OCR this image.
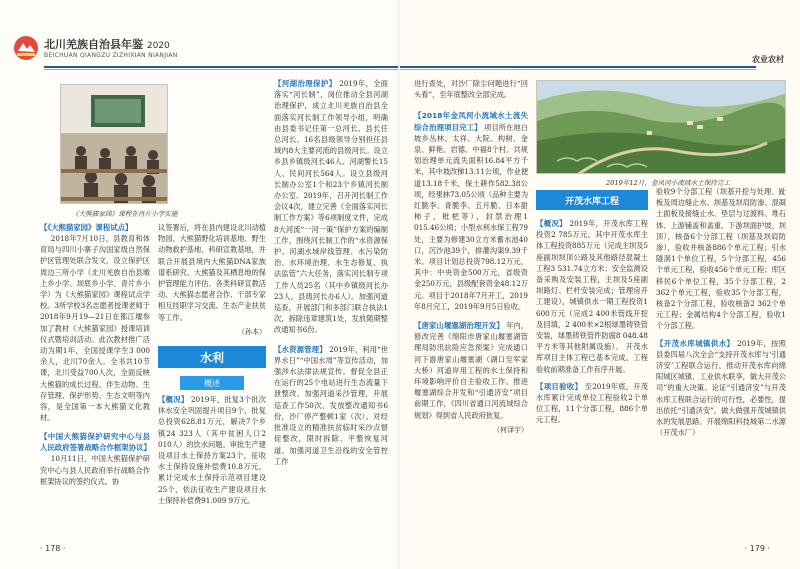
北川羌族自治县年鉴 2020
BEICHUAN QIANGZU ZIZHIXIAN NIANJIAN
《大熊猫家园》课程在肖片小学实施
【《大熊猫家园》课程试点】

2018年7月10日，县教育和体育局与四川小寨子沟国家级自然保护区管理处联合发文，设立保护区周边三所小学（北川羌族自治县墩上乡小学、坝底乡小学、青片乡小学）为《大熊猫家园》课程试点学校。3所学校3名志愿者授课老师于2018年9月19—21日在都江堰参加了教材《大熊猫家园》授课培训仪式暨培训活动。此次教材推广活动为期1年，全国授课学生3 000余人，北川70余人。全书共10节课，北川受益700人次，全面反映大熊猫的成长过程、伴生动物、生存管理、保护形势、生态文明等内容，是全国第一本大熊猫文化教材。

【中国大熊猫保护研究中心与县人民政府签署战略合作框架协议】

10月11日，中国大熊猫保护研究中心与县人民政府举行战略合作框架协议的签约仪式。协

议签署后，将在县内建设北川动植物园、大熊猫野化培训基地、野生动物救护基地、科研宣教基地，并联合开展县境内大熊猫DNA家族谱系研究、大熊猫及其栖息地的保护管理能力评估、各类科研宣教活动、大熊猫志愿者合作、干部专家相互挂职学习交流、生态产业扶贫等工作。

（孙本）
水利
概述
【概况】 2019年，批复3个批次休水安全巩固提升项目9个，批复总投资628.81万元，解决7个乡镇24 323人（其中贫困人口2 010人）的饮水问题。审批生产建设项目水土保持方案23个，征收水土保持设施补偿费10.8万元，累计完成水土保持示范项目建设25个，依法征收生产建设项目水土保持补偿费91.009 9万元。
【河湖治理保护】 2019年，全面落实“河长制”，岗位推动全县河湖治理保护，成立北川羌族自治县全面落实河长制工作领导小组，明确由县委书记任第一总河长、县长任总河长。16名县级领导分别担任县域内8大主要河流的县级河长。设立乡县乡镇级河长46人、河湖警长15人、民间河长564人。设立县级河长制办公室1个和23个乡镇河长制办公室。2019年，召开河长制工作会议4次，建立完善《全面落实河长制工作方案》等6项制度文件，完成8大河流“一河一策”保护方案的编制工作，围绕河长制工作的“水资源保护、河湖水域岸线管理、水污染防治、水环境治理、水生态修复、执法监管”六大任务，落实河长制专项工作人员25名（其中乡镇级河长办23人，县级河长办6人）。加强河道巡查，开展部门和多部门联合执法1次，拆除违章建筑1处，发放随期整改通知书6份。
【水资源管理】 2019年，利用“世界水日”“中国水周”等宣传活动，加强涉水法律法规宣传。督促全县正在运行的25个电站进行生态流量下泄整改。加强河道采沙管理，开展巡查工作50次，发放整改通知书6份，沙厂停产整顿1家（次）。对经批准设立的精准扶贫临时采沙点督促整改，限时拆除、平整恢复河道。加强河道卫生沿线的安全管控工作
· 178 ·
农业农村

进行查处，对沙厂除尘问题进行“回头看”，至年底整改全部完成。

【2018年金凤河小流域水土流失综合治理项目完工】 项目所在地白坡乡丛林、太祥、大院、构树、金泉、鲜艳、岩德、中福8个村。共规划治理单元流失面积16.84平方千米，其中坡改梯13.11公顷，作业便道13.18千米，保土耕作582.38公顷，经果林73.05公顷（品种主要为红脆李、青脆李、五月脆、日本甜柿子、枇杷等），封禁治理1 015.46公顷；小型水利水保工程79处，主要为修建30立方米蓄水池40口，沉沙池39个，排灌沟渠9.39千米。项目计划总投资798.12万元，其中：中央资金500万元，省级资金250万元，县级配套资金48.12万元。项目于2018年7月开工，2019年8月完工，2019年9月5日验收。
【唐家山堰塞湖治理开发】 年内，修改完善《绵阳市唐家山堰塞湖管理局防汛抗险应急预案》完成通口河下游唐家山堰塞湖（湖口至军家大桥）河道岸用工程的水土保持和环境影响评价自主验收工作。推进堰塞湖综合开发和“引通济安”项目前期工作，《四川省通口河流域综合规划》得到省人民政府批复。
（何泽宇）
2019年12月，金凤河小流域水土保持完工
开茂水库工程
【概况】 2019年，开茂水库工程投资2 785万元，其中开茂水库主体工程投资885万元（完成主坝及5座副坝坝顶公路及其他路径混凝土工程3 531.74立方米；安全监测设备采购及安装工程，主坝及5座副坝路灯、栏杆安装完成；管理房开工建设），城镇供水一期工程投资1 600万元（完成2 400米管线开挖及回填，2 400米×2根球墨铸铁管安装，球墨铸铁管件防腐8 048.48平方米等其他附属设施）。 开茂水库项目主体工程已基本完成，工程验收前期准备工作有序开展。
【项目验收】 至2019年底，开茂水库累计完成单位工程验收2个单位工程，11个分部工程，886个单元工程。

验收9个分部工程（坝基开挖与处理、趾板及周边缝止水、坝基及坝肩防渗、混凝土面板及接缝止水、垫层与过渡料、堆石体、上游铺盖和盖重、下游坝面护坡、坝顶），核备6个分部工程（坝基及坝肩防渗），验收并核备886个单元工程；引水隧洞1个单位工程，5个分部工程，456个单元工程，验收456个单元工程；库区移民6个单位工程，35个分部工程，2 362个单元工程，验收35个分部工程，核备2个分部工程，验收核备2 362个单元工程；金属结构4个分部工程，验收1个分部工程。

【开茂水库城镇供水】 2019年，按照县委四届八次全会“支持开茂水库与‘引通济安’工程联合运行，推动开茂水库向绵阳城区城镇、工业供水联享，做大开茂公司”的重大决策。论证“引通济安”与开茂水库工程联合运行的可行性，必要性，提出依托“引通济安”，做大做强开茂城镇供水的发展思路。开展绵阳科技城第二水源（开茂水厂）
· 179 ·
